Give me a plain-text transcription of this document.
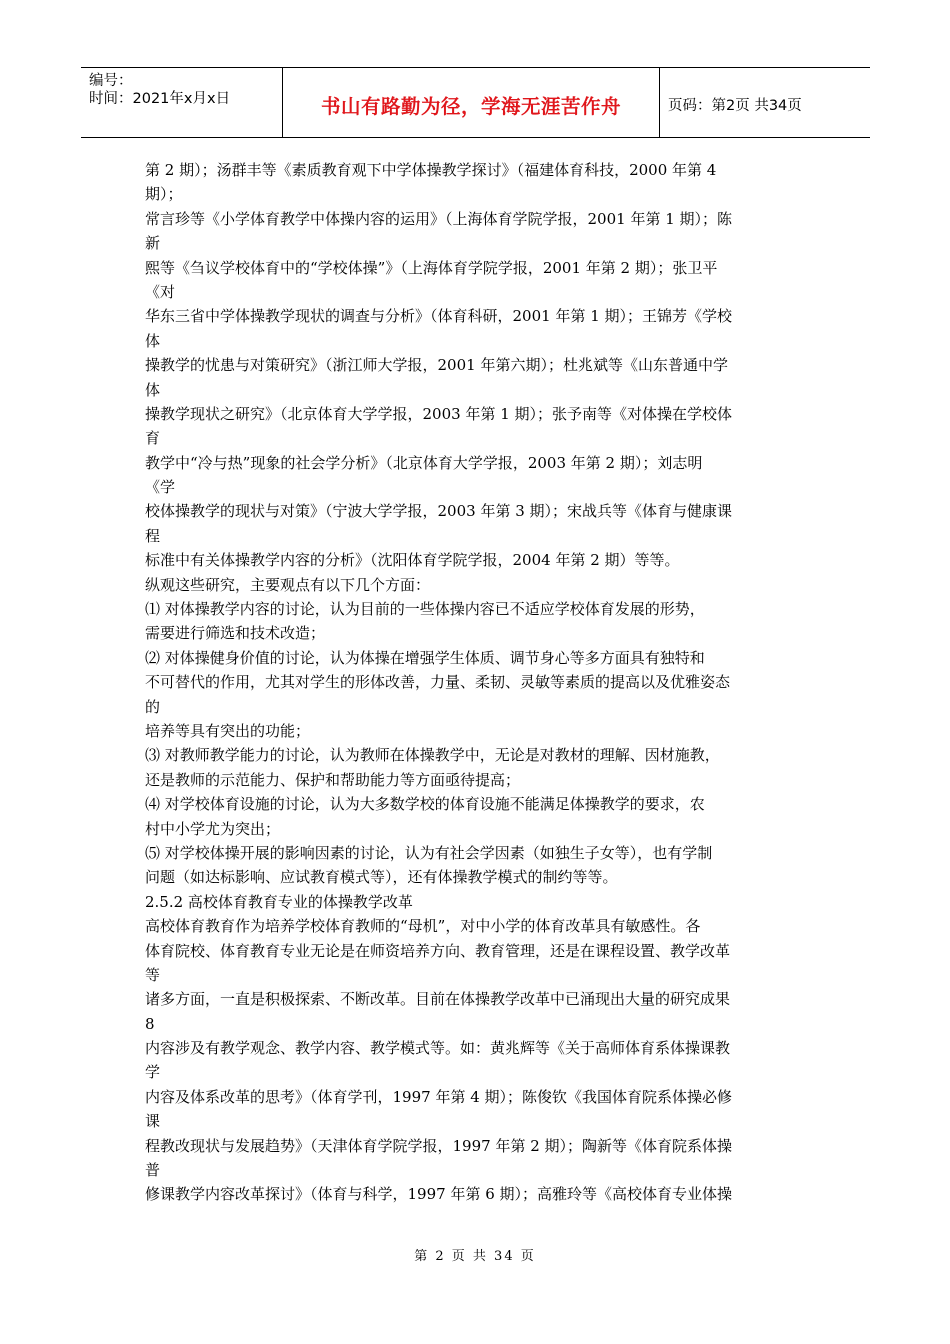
编号：
时间：2021年x月x日	书山有路勤为径，学海无涯苦作舟	页码：第2页 共34页
第 2 期）；汤群丰等《素质教育观下中学体操教学探讨》（福建体育科技，2000 年第 4
期）；
常言珍等《小学体育教学中体操内容的运用》（上海体育学院学报，2001 年第 1 期）；陈
新
熙等《刍议学校体育中的“学校体操”》（上海体育学院学报，2001 年第 2 期）；张卫平
《对
华东三省中学体操教学现状的调查与分析》（体育科研，2001 年第 1 期）；王锦芳《学校
体
操教学的忧患与对策研究》（浙江师大学报，2001 年第六期）；杜兆斌等《山东普通中学
体
操教学现状之研究》（北京体育大学学报，2003 年第 1 期）；张予南等《对体操在学校体
育
教学中“冷与热”现象的社会学分析》（北京体育大学学报，2003 年第 2 期）；刘志明
《学
校体操教学的现状与对策》（宁波大学学报，2003 年第 3 期）；宋战兵等《体育与健康课
程
标准中有关体操教学内容的分析》（沈阳体育学院学报，2004 年第 2 期）等等。
纵观这些研究，主要观点有以下几个方面：
⑴ 对体操教学内容的讨论，认为目前的一些体操内容已不适应学校体育发展的形势，
需要进行筛选和技术改造；
⑵ 对体操健身价值的讨论，认为体操在增强学生体质、调节身心等多方面具有独特和
不可替代的作用，尤其对学生的形体改善，力量、柔韧、灵敏等素质的提高以及优雅姿态
的
培养等具有突出的功能；
⑶ 对教师教学能力的讨论，认为教师在体操教学中，无论是对教材的理解、因材施教，
还是教师的示范能力、保护和帮助能力等方面亟待提高；
⑷ 对学校体育设施的讨论，认为大多数学校的体育设施不能满足体操教学的要求，农
村中小学尤为突出；
⑸ 对学校体操开展的影响因素的讨论，认为有社会学因素（如独生子女等），也有学制
问题（如达标影响、应试教育模式等），还有体操教学模式的制约等等。
2.5.2 高校体育教育专业的体操教学改革
高校体育教育作为培养学校体育教师的“母机”，对中小学的体育改革具有敏感性。各
体育院校、体育教育专业无论是在师资培养方向、教育管理，还是在课程设置、教学改革
等
诸多方面，一直是积极探索、不断改革。目前在体操教学改革中已涌现出大量的研究成果
8
内容涉及有教学观念、教学内容、教学模式等。如：黄兆辉等《关于高师体育系体操课教
学
内容及体系改革的思考》（体育学刊，1997 年第 4 期）；陈俊钦《我国体育院系体操必修
课
程教改现状与发展趋势》（天津体育学院学报，1997 年第 2 期）；陶新等《体育院系体操
普
修课教学内容改革探讨》（体育与科学，1997 年第 6 期）；高雅玲等《高校体育专业体操
第 2 页 共 34 页
